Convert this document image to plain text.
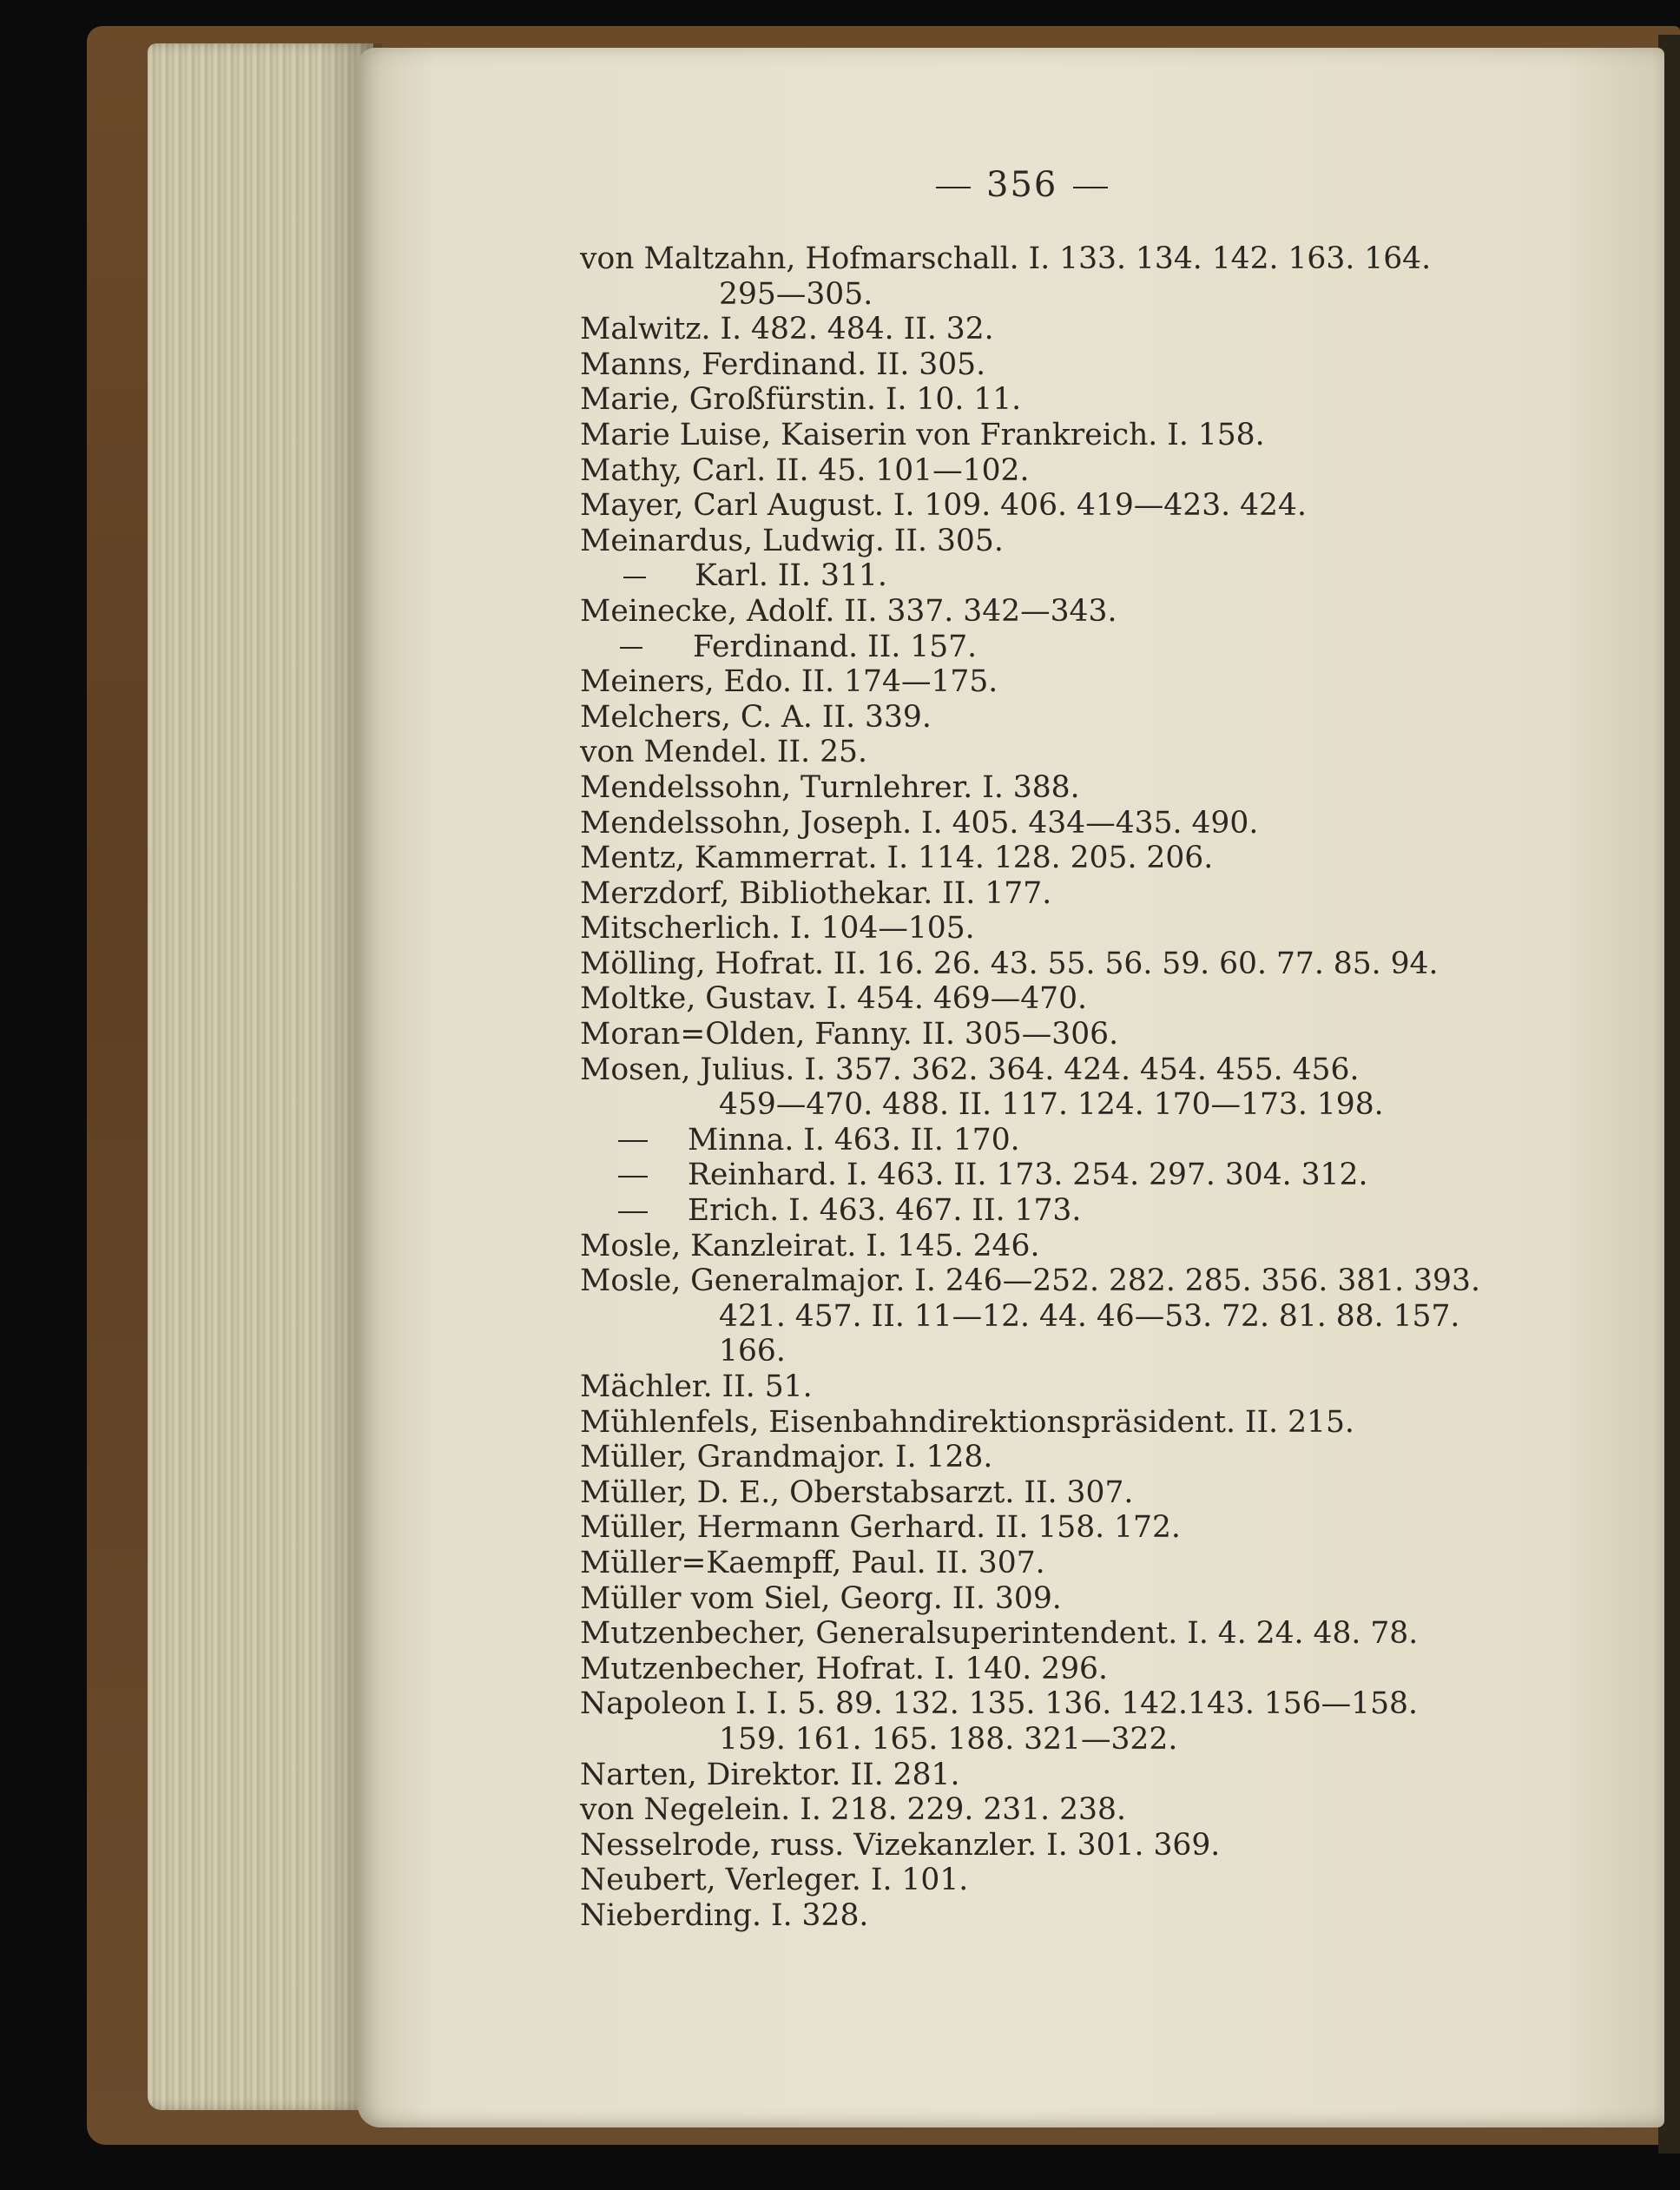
356
von Maltzahn, Hofmarschall. I. 133. 134. 142. 163. 164.
295—305.
Malwitz. I. 482. 484. II. 32.
Manns, Ferdinand. II. 305.
Marie, Großfürstin. I. 10. 11.
Marie Luise, Kaiserin von Frankreich. I. 158.
Mathy, Carl. II. 45. 101—102.
Mayer, Carl August. I. 109. 406. 419—423. 424.
Meinardus, Ludwig. II. 305.
Karl. II. 311.
Meinecke, Adolf. II. 337. 342—343.
Ferdinand. II. 157.
Meiners, Edo. II. 174—175.
Melchers, C. A. II. 339.
von Mendel. II. 25.
Mendelssohn, Turnlehrer. I. 388.
Mendelssohn, Joseph. I. 405. 434—435. 490.
Mentz, Kammerrat. I. 114. 128. 205. 206.
Merzdorf, Bibliothekar. II. 177.
Mitscherlich. I. 104—105.
Mölling, Hofrat. II. 16. 26. 43. 55. 56. 59. 60. 77. 85. 94.
Moltke, Gustav. I. 454. 469—470.
Moran=Olden, Fanny. II. 305—306.
Mosen, Julius. I. 357. 362. 364. 424. 454. 455. 456.
459—470. 488. II. 117. 124. 170—173. 198.
Minna. I. 463. II. 170.
Reinhard. I. 463. II. 173. 254. 297. 304. 312.
Erich. I. 463. 467. II. 173.
Mosle, Kanzleirat. I. 145. 246.
Mosle, Generalmajor. I. 246—252. 282. 285. 356. 381. 393.
421. 457. II. 11—12. 44. 46—53. 72. 81. 88. 157.
166.
Mächler. II. 51.
Mühlenfels, Eisenbahndirektionspräsident. II. 215.
Müller, Grandmajor. I. 128.
Müller, D. E., Oberstabsarzt. II. 307.
Müller, Hermann Gerhard. II. 158. 172.
Müller=Kaempff, Paul. II. 307.
Müller vom Siel, Georg. II. 309.
Mutzenbecher, Generalsuperintendent. I. 4. 24. 48. 78.
Mutzenbecher, Hofrat. I. 140. 296.
Napoleon I. I. 5. 89. 132. 135. 136. 142.143. 156—158.
159. 161. 165. 188. 321—322.
Narten, Direktor. II. 281.
von Negelein. I. 218. 229. 231. 238.
Nesselrode, russ. Vizekanzler. I. 301. 369.
Neubert, Verleger. I. 101.
Nieberding. I. 328.
